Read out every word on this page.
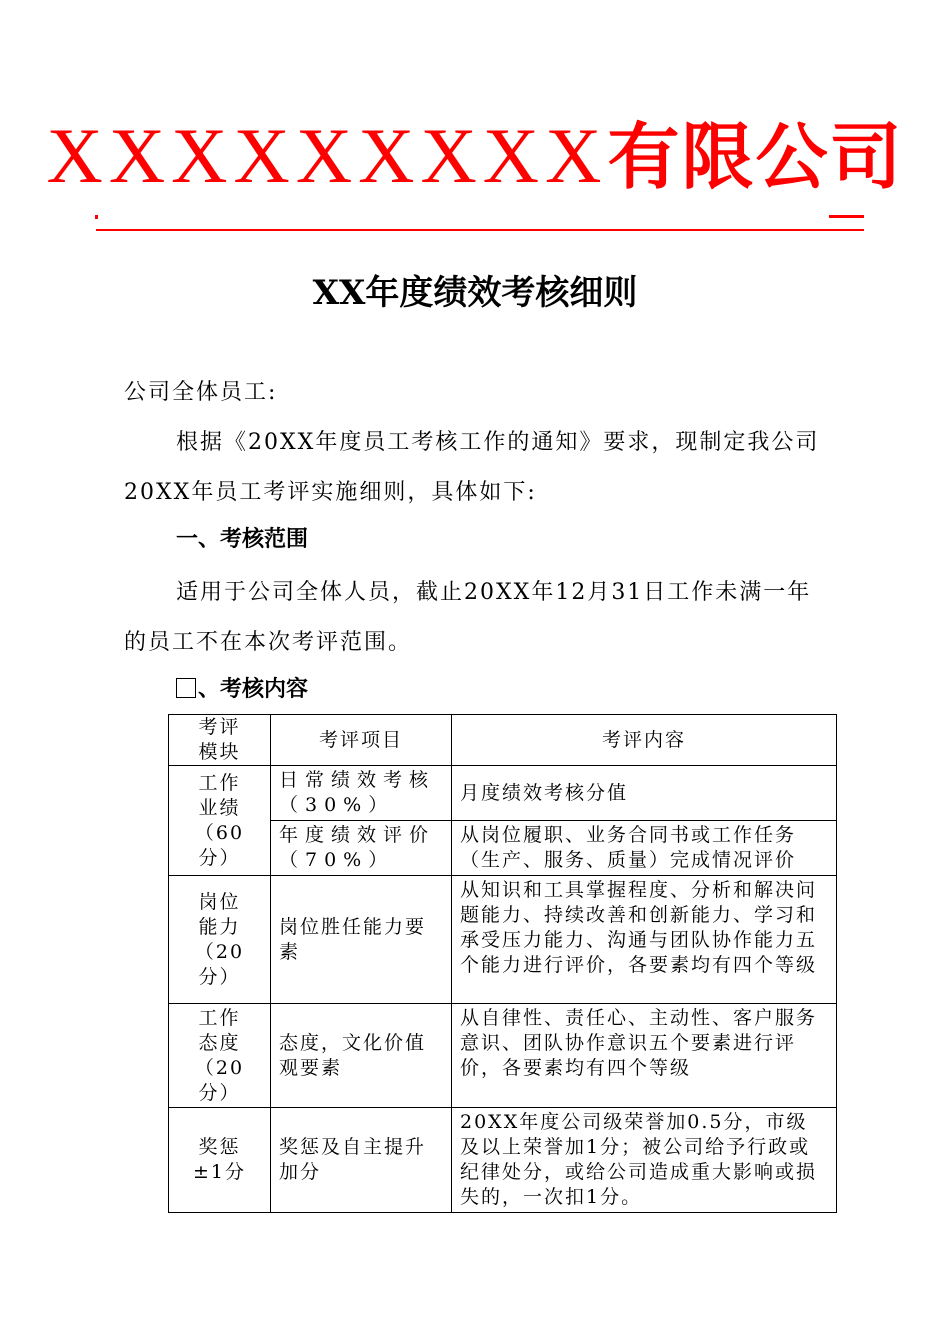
XXXXXXXXX有限公司
XX年度绩效考核细则
公司全体员工:
根据《20XX年度员工考核工作的通知》要求，现制定我公司20XX年员工考评实施细则，具体如下:
一、考核范围
适用于公司全体人员，截止20XX年12月31日工作未满一年的员工不在本次考评范围。
、考核内容
考评模块	考评项目	考评内容
工作业绩（60分）	日常绩效考核（30%）	月度绩效考核分值
	年度绩效评价（70%）	从岗位履职、业务合同书或工作任务（生产、服务、质量）完成情况评价
岗位能力（20分）	岗位胜任能力要素	从知识和工具掌握程度、分析和解决问题能力、持续改善和创新能力、学习和承受压力能力、沟通与团队协作能力五个能力进行评价，各要素均有四个等级
工作态度（20分）	态度，文化价值观要素	从自律性、责任心、主动性、客户服务意识、团队协作意识五个要素进行评价，各要素均有四个等级
奖惩±1分	奖惩及自主提升加分	20XX年度公司级荣誉加0.5分，市级及以上荣誉加1分；被公司给予行政或纪律处分，或给公司造成重大影响或损失的，一次扣1分。
